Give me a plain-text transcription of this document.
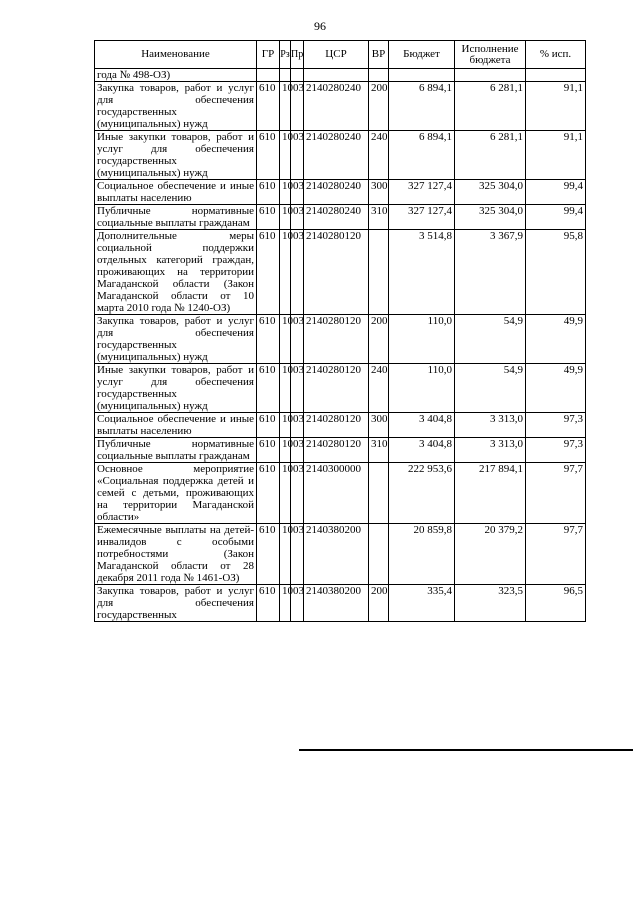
96
Наименование	ГР	Рз	Пр	ЦСР	ВР	Бюджет	Исполнение бюджета	% исп.
года № 498-ОЗ)								
Закупка товаров, работ и услуг для обеспечения государственных (муниципальных) нужд	610	10	03	2140280240	200	6 894,1	6 281,1	91,1
Иные закупки товаров, работ и услуг для обеспечения государственных (муниципальных) нужд	610	10	03	2140280240	240	6 894,1	6 281,1	91,1
Социальное обеспечение и иные выплаты населению	610	10	03	2140280240	300	327 127,4	325 304,0	99,4
Публичные нормативные социальные выплаты гражданам	610	10	03	2140280240	310	327 127,4	325 304,0	99,4
Дополнительные меры социальной поддержки отдельных категорий граждан, проживающих на территории Магаданской области (Закон Магаданской области от 10 марта 2010 года № 1240-ОЗ)	610	10	03	2140280120		3 514,8	3 367,9	95,8
Закупка товаров, работ и услуг для обеспечения государственных (муниципальных) нужд	610	10	03	2140280120	200	110,0	54,9	49,9
Иные закупки товаров, работ и услуг для обеспечения государственных (муниципальных) нужд	610	10	03	2140280120	240	110,0	54,9	49,9
Социальное обеспечение и иные выплаты населению	610	10	03	2140280120	300	3 404,8	3 313,0	97,3
Публичные нормативные социальные выплаты гражданам	610	10	03	2140280120	310	3 404,8	3 313,0	97,3
Основное мероприятие «Социальная поддержка детей и семей с детьми, проживающих на территории Магаданской области»	610	10	03	2140300000		222 953,6	217 894,1	97,7
Ежемесячные выплаты на детей-инвалидов с особыми потребностями (Закон Магаданской области от 28 декабря 2011 года № 1461-ОЗ)	610	10	03	2140380200		20 859,8	20 379,2	97,7
Закупка товаров, работ и услуг для обеспечения государственных	610	10	03	2140380200	200	335,4	323,5	96,5
